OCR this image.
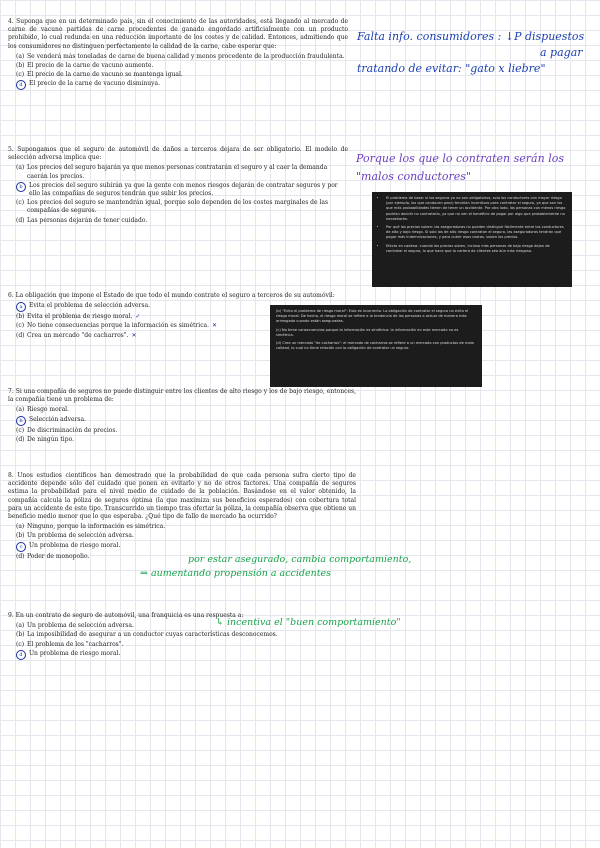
4. Suponga que en un determinado país, sin el conocimiento de las autoridades, está llegando al mercado de carne de vacuno partidas de carne procedentes de ganado engordado artificialmente con un producto prohibido, lo cual redunda en una reducción importante de los costes y de calidad. Entonces, admitiendo que los consumidores no distinguen perfectamente la calidad de la carne, cabe esperar que:

(a) Se venderá más toneladas de carne de buena calidad y menos procedente de la producción fraudulenta.
(b) El precio de la carne de vacuno aumente.
(c) El precio de la carne de vacuno se mantenga igual.
d	El precio de la carne de vacuno disminuya.

5. Supongamos que el seguro de automóvil de daños a terceros dejara de ser obligatorio. El modelo de selección adversa implica que:

(a) Los precios del seguro bajarán ya que menos personas contratarán el seguro y al caer la demanda caerán los precios.
b	Los precios del seguro subirán ya que la gente con menos riesgos dejarán de contratar seguros y por ello las compañías de seguros tendrán que subir los precios.
(c) Los precios del seguro se mantendrán igual, porque solo dependen de los costes marginales de las compañías de seguros.
(d) Las personas dejarán de tener cuidado.

6. La obligación que impone el Estado de que todo el mundo contrate el seguro a terceros de su automóvil:

a	Evita el problema de selección adversa.
(b) Evita el problema de riesgo moral. ✓
(c) No tiene consecuencias porque la información es simétrica. ✕
(d) Crea un mercado "de cacharros". ✕

7. Si una compañía de seguros no puede distinguir entre los clientes de alto riesgo y los de bajo riesgo, entonces, la compañía tiene un problema de:

(a) Riesgo moral.
b	Selección adversa.
(c) De discriminación de precios.
(d) De ningún tipo.

8. Unos estudios científicos han demostrado que la probabilidad de que cada persona sufra cierto tipo de accidente depende sólo del cuidado que ponen en evitarlo y no de otros factores. Una compañía de seguros estima la probabilidad para el nivel medio de cuidado de la población. Basándose en el valor obtenido, la compañía calcula la póliza de seguros óptima (la que maximiza sus beneficios esperados) con cobertura total para un accidente de este tipo. Transcurrido un tiempo tras ofertar la póliza, la compañía observa que obtiene un beneficio medio menor que lo que esperaba. ¿Qué tipo de fallo de mercado ha ocurrido?

(a) Ninguno, porque la información es simétrica.
(b) Un problema de selección adversa.
c	Un problema de riesgo moral.
(d) Poder de monopolio.

9. En un contrato de seguro de automóvil, una franquicia es una respuesta a:

(a) Un problema de selección adversa.
(b) La imposibilidad de asegurar a un conductor cuyas características desconocemos.
(c) El problema de los "cacharros".
d	Un problema de riesgo moral.
Falta info. consumidores : ↓P dispuestos
a pagar
tratando de evitar: "gato x liebre"
Porque los que lo contraten serán los
"malos conductores"
por estar asegurado, cambia comportamiento,
⇒ aumentando propensión a accidentes
↳ incentiva el "buen comportamiento"
• El problema de base: si los seguros ya no son obligatorios, solo los conductores con mayor riesgo (por ejemplo, los que conducen peor) tendrían incentivos para contratar el seguro, ya que son los que más probabilidades tienen de tener un accidente. Por otro lado, las personas con menos riesgo podrían decidir no contratarlo, ya que no ven el beneficio de pagar por algo que probablemente no necesitarán.
• Por qué los precios suben: las aseguradoras no pueden distinguir fácilmente entre los conductores de alto y bajo riesgo. Si solo los de alto riesgo contratan el seguro, las aseguradoras tendrán que pagar más indemnizaciones, y para cubrir esos costos, suben los precios.
• Efecto en cadena: cuando los precios suben, incluso más personas de bajo riesgo dejan de contratar el seguro, lo que hace que la cartera de clientes sea aún más riesgosa.

(b) "Evita el problema de riesgo moral": Esto es incorrecto. La obligación de contratar el seguro no evita el riesgo moral. De hecho, el riesgo moral se refiere a la tendencia de las personas a actuar de manera más arriesgada cuando están aseguradas.

(c) No tiene consecuencias porque la información es simétrica: la información en este mercado no es simétrica.

(d) Crea un mercado "de cacharros": el mercado de cacharros se refiere a un mercado con productos de mala calidad, lo cual no tiene relación con la obligación de contratar un seguro.
